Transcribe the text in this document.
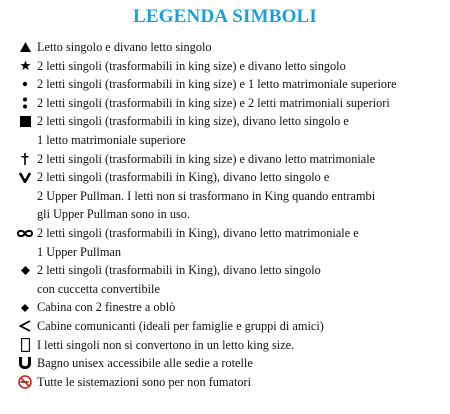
LEGENDA SIMBOLI
Letto singolo e divano letto singolo
2 letti singoli (trasformabili in king size) e divano letto singolo
2 letti singoli (trasformabili in king size) e 1 letto matrimoniale superiore
2 letti singoli (trasformabili in king size) e 2 letti matrimoniali superiori
2 letti singoli (trasformabili in king size), divano letto singolo e
1 letto matrimoniale superiore
2 letti singoli (trasformabili in king size) e divano letto matrimoniale
2 letti singoli (trasformabili in King), divano letto singolo e
2 Upper Pullman. I letti non si trasformano in King quando entrambi
gli Upper Pullman sono in uso.
2 letti singoli (trasformabili in King), divano letto matrimoniale e
1 Upper Pullman
2 letti singoli (trasformabili in King), divano letto singolo
con cuccetta convertibile
Cabina con 2 finestre a oblò
Cabine comunicanti (ideali per famiglie e gruppi di amici)
I letti singoli non si convertono in un letto king size.
Bagno unisex accessibile alle sedie a rotelle
Tutte le sistemazioni sono per non fumatori
